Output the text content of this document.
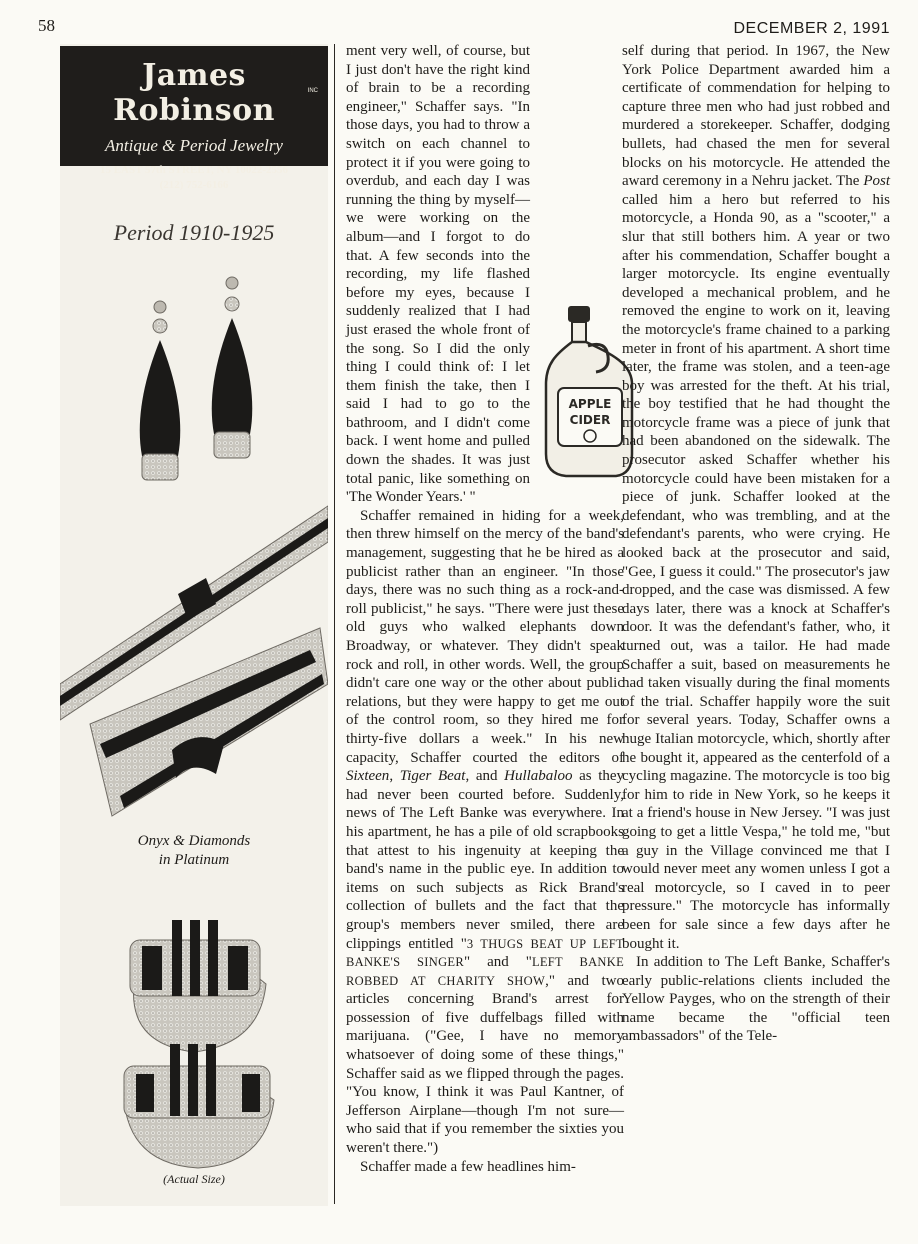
58	DECEMBER 2, 1991
James Robinson
INC
Antique & Period Jewelry
15 EAST 57th STREET, NY 10022-2556
(212) 752-6166
Period 1910-1925
Onyx & Diamonds
in Platinum
(Actual Size)
APPLE
CIDER

ment very well, of course, but I just don't have the right kind of brain to be a recording engineer," Schaffer says. "In those days, you had to throw a switch on each channel to protect it if you were going to overdub, and each day I was running the thing by myself—we were working on the album—and I forgot to do that. A few seconds into the recording, my life flashed before my eyes, because I suddenly realized that I had just erased the whole front of the song. So I did the only thing I could think of: I let them finish the take, then I said I had to go to the bathroom, and I didn't come back. I went home and pulled down the shades. It was just total panic, like something on 'The Wonder Years.' "

Schaffer remained in hiding for a week, then threw himself on the mercy of the band's management, suggesting that he be hired as a publicist rather than an engineer. "In those days, there was no such thing as a rock-and-roll publicist," he says. "There were just these old guys who walked elephants down Broadway, or whatever. They didn't speak rock and roll, in other words. Well, the group didn't care one way or the other about public relations, but they were happy to get me out of the control room, so they hired me for thirty-five dollars a week." In his new capacity, Schaffer courted the editors of Sixteen, Tiger Beat, and Hullabaloo as they had never been courted before. Suddenly, news of The Left Banke was everywhere. In his apartment, he has a pile of old scrapbooks that attest to his ingenuity at keeping the band's name in the public eye. In addition to items on such subjects as Rick Brand's collection of bullets and the fact that the group's members never smiled, there are clippings entitled "3 THUGS BEAT UP LEFT BANKE'S SINGER" and "LEFT BANKE ROBBED AT CHARITY SHOW," and two articles concerning Brand's arrest for possession of five duffelbags filled with marijuana. ("Gee, I have no memory whatsoever of doing some of these things," Schaffer said as we flipped through the pages. "You know, I think it was Paul Kantner, of Jefferson Airplane—though I'm not sure—who said that if you remember the sixties you weren't there.")

Schaffer made a few headlines him-

self during that period. In 1967, the New York Police Department awarded him a certificate of commendation for helping to capture three men who had just robbed and murdered a storekeeper. Schaffer, dodging bullets, had chased the men for several blocks on his motorcycle. He attended the award ceremony in a Nehru jacket. The Post called him a hero but referred to his motorcycle, a Honda 90, as a "scooter," a slur that still bothers him. A year or two after his commendation, Schaffer bought a larger motorcycle. Its engine eventually developed a mechanical problem, and he removed the engine to work on it, leaving the motorcycle's frame chained to a parking meter in front of his apartment. A short time later, the frame was stolen, and a teen-age boy was arrested for the theft. At his trial, the boy testified that he had thought the motorcycle frame was a piece of junk that had been abandoned on the sidewalk. The prosecutor asked Schaffer whether his motorcycle could have been mistaken for a piece of junk. Schaffer looked at the defendant, who was trembling, and at the defendant's parents, who were crying. He looked back at the prosecutor and said, "Gee, I guess it could." The prosecutor's jaw dropped, and the case was dismissed. A few days later, there was a knock at Schaffer's door. It was the defendant's father, who, it turned out, was a tailor. He had made Schaffer a suit, based on measurements he had taken visually during the final moments of the trial. Schaffer happily wore the suit for several years. Today, Schaffer owns a huge Italian motorcycle, which, shortly after he bought it, appeared as the centerfold of a cycling magazine. The motorcycle is too big for him to ride in New York, so he keeps it at a friend's house in New Jersey. "I was just going to get a little Vespa," he told me, "but a guy in the Village convinced me that I would never meet any women unless I got a real motorcycle, so I caved in to peer pressure." The motorcycle has informally been for sale since a few days after he bought it.

In addition to The Left Banke, Schaffer's early public-relations clients included the Yellow Payges, who on the strength of their name became the "official teen ambassadors" of the Tele-
